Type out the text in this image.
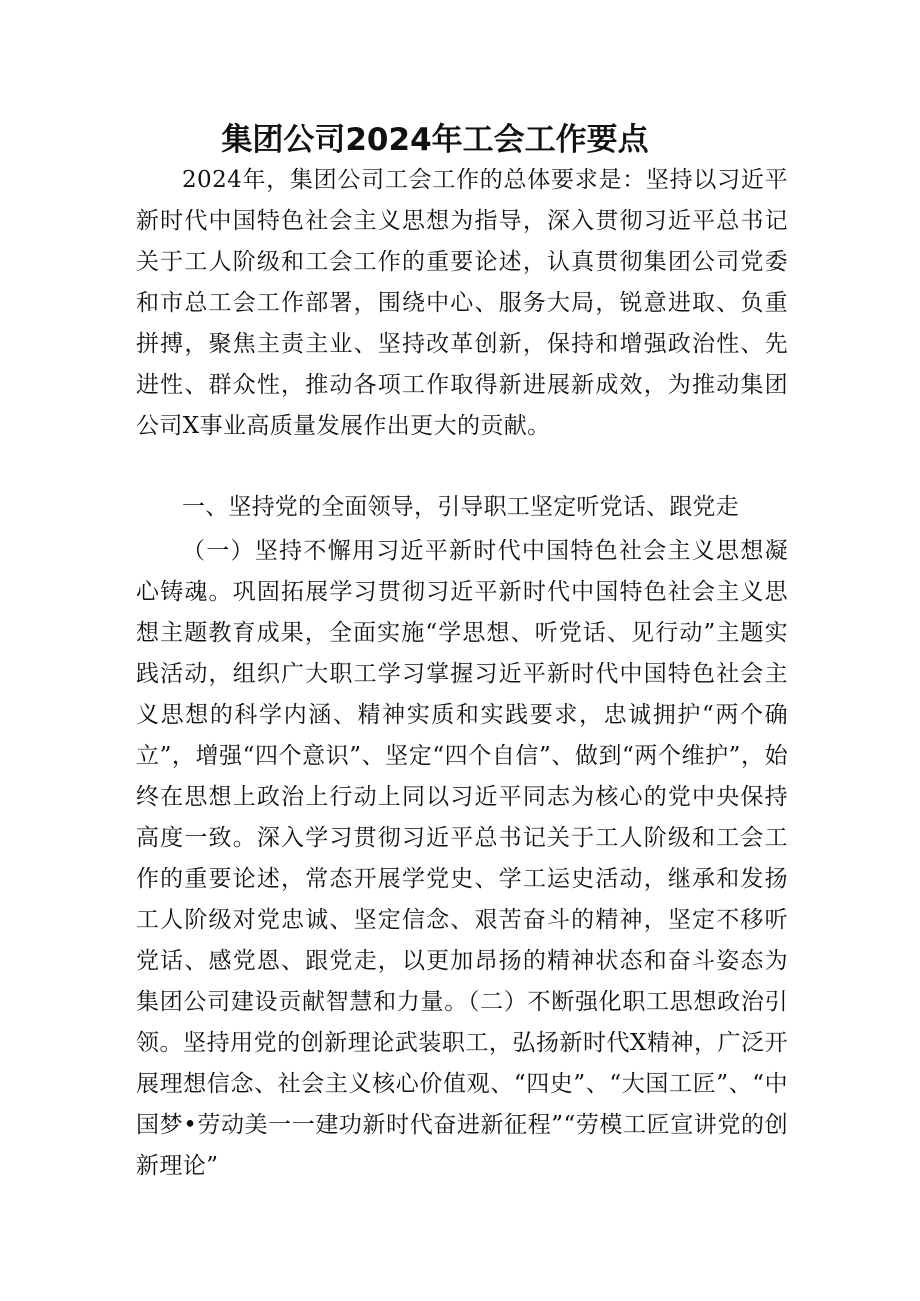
集团公司2024年工会工作要点

2024年，集团公司工会工作的总体要求是：坚持以习近平新时代中国特色社会主义思想为指导，深入贯彻习近平总书记关于工人阶级和工会工作的重要论述，认真贯彻集团公司党委和市总工会工作部署，围绕中心、服务大局，锐意进取、负重拼搏，聚焦主责主业、坚持改革创新，保持和增强政治性、先进性、群众性，推动各项工作取得新进展新成效，为推动集团公司X事业高质量发展作出更大的贡献。

一、坚持党的全面领导，引导职工坚定听党话、跟党走

（一）坚持不懈用习近平新时代中国特色社会主义思想凝心铸魂。巩固拓展学习贯彻习近平新时代中国特色社会主义思想主题教育成果，全面实施“学思想、听党话、见行动”主题实践活动，组织广大职工学习掌握习近平新时代中国特色社会主义思想的科学内涵、精神实质和实践要求，忠诚拥护“两个确立”，增强“四个意识”、坚定“四个自信”、做到“两个维护”，始终在思想上政治上行动上同以习近平同志为核心的党中央保持高度一致。深入学习贯彻习近平总书记关于工人阶级和工会工作的重要论述，常态开展学党史、学工运史活动，继承和发扬工人阶级对党忠诚、坚定信念、艰苦奋斗的精神，坚定不移听党话、感党恩、跟党走，以更加昂扬的精神状态和奋斗姿态为集团公司建设贡献智慧和力量。（二）不断强化职工思想政治引领。坚持用党的创新理论武装职工，弘扬新时代X精神，广泛开展理想信念、社会主义核心价值观、“四史”、“大国工匠”、“中国梦•劳动美一一建功新时代奋进新征程”“劳模工匠宣讲党的创新理论”
